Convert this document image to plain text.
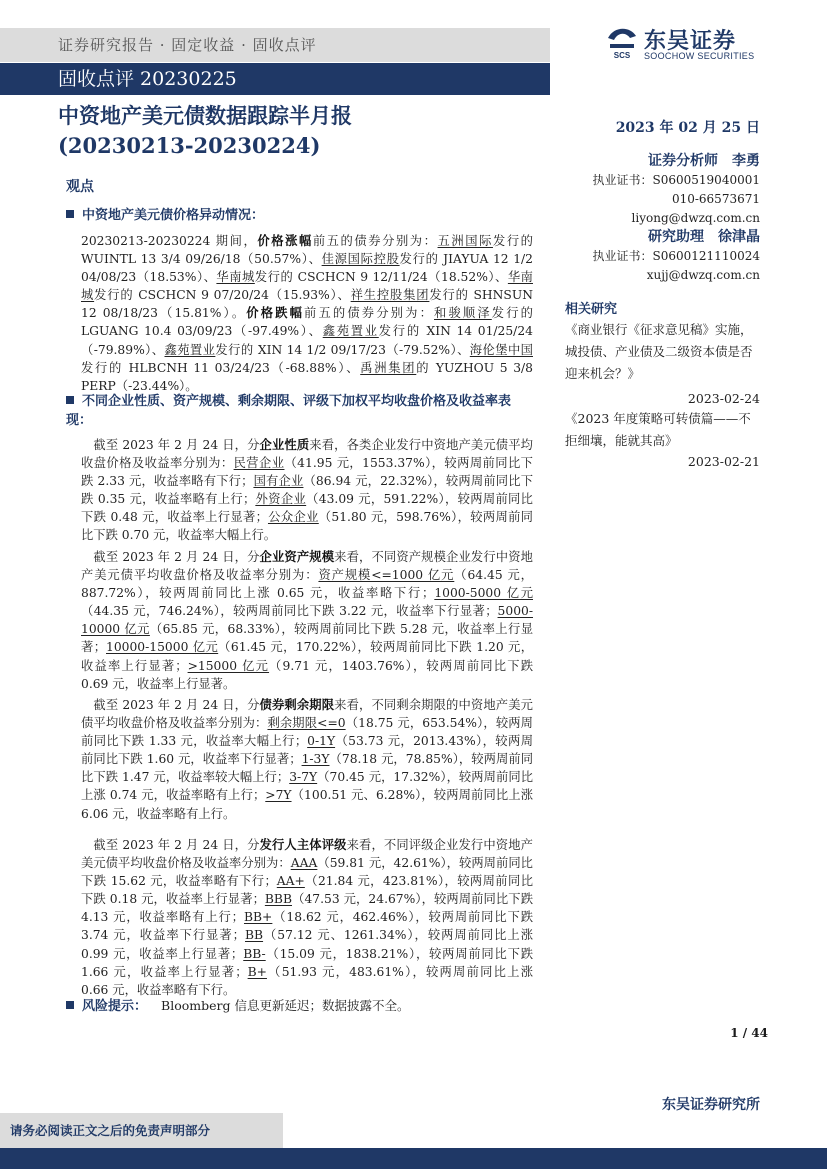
证券研究报告 · 固定收益 · 固收点评
固收点评 20230225
SCS
东吴证券
SOOCHOW SECURITIES
中资地产美元债数据跟踪半月报
(20230213-20230224)
2023 年 02 月 25 日
观点
中资地产美元债价格异动情况：
20230213-20230224 期间，价格涨幅前五的债券分别为：五洲国际发行的 WUINTL 13 3/4 09/26/18（50.57%）、佳源国际控股发行的 JIAYUA 12 1/2 04/08/23（18.53%）、华南城发行的 CSCHCN 9 12/11/24（18.52%）、华南城发行的 CSCHCN 9 07/20/24（15.93%）、祥生控股集团发行的 SHNSUN 12 08/18/23（15.81%）。价格跌幅前五的债券分别为：和骏顺泽发行的 LGUANG 10.4 03/09/23（-97.49%）、鑫苑置业发行的 XIN 14 01/25/24（-79.89%）、鑫苑置业发行的 XIN 14 1/2 09/17/23（-79.52%）、海伦堡中国发行的 HLBCNH 11 03/24/23（-68.88%）、禹洲集团的 YUZHOU 5 3/8 PERP（-23.44%）。
不同企业性质、资产规模、剩余期限、评级下加权平均收盘价格及收益率表现：
　截至 2023 年 2 月 24 日，分企业性质来看，各类企业发行中资地产美元债平均收盘价格及收益率分别为：民营企业（41.95 元，1553.37%），较两周前同比下跌 2.33 元，收益率略有下行；国有企业（86.94 元，22.32%），较两周前同比下跌 0.35 元，收益率略有上行；外资企业（43.09 元，591.22%），较两周前同比下跌 0.48 元，收益率上行显著；公众企业（51.80 元，598.76%），较两周前同比下跌 0.70 元，收益率大幅上行。
　截至 2023 年 2 月 24 日，分企业资产规模来看，不同资产规模企业发行中资地产美元债平均收盘价格及收益率分别为：资产规模<=1000 亿元（64.45 元，887.72%），较两周前同比上涨 0.65 元，收益率略下行；1000-5000 亿元（44.35 元，746.24%），较两周前同比下跌 3.22 元，收益率下行显著；5000-10000 亿元（65.85 元，68.33%），较两周前同比下跌 5.28 元，收益率上行显著；10000-15000 亿元（61.45 元，170.22%），较两周前同比下跌 1.20 元，收益率上行显著；>15000 亿元（9.71 元，1403.76%），较两周前同比下跌 0.69 元，收益率上行显著。
　截至 2023 年 2 月 24 日，分债券剩余期限来看，不同剩余期限的中资地产美元债平均收盘价格及收益率分别为：剩余期限<=0（18.75 元，653.54%），较两周前同比下跌 1.33 元，收益率大幅上行；0-1Y（53.73 元，2013.43%），较两周前同比下跌 1.60 元，收益率下行显著；1-3Y（78.18 元，78.85%），较两周前同比下跌 1.47 元，收益率较大幅上行；3-7Y（70.45 元，17.32%），较两周前同比上涨 0.74 元，收益率略有上行；>7Y（100.51 元、6.28%），较两周前同比上涨 6.06 元，收益率略有上行。
　截至 2023 年 2 月 24 日，分发行人主体评级来看，不同评级企业发行中资地产美元债平均收盘价格及收益率分别为：AAA（59.81 元，42.61%），较两周前同比下跌 15.62 元，收益率略有下行；AA+（21.84 元，423.81%），较两周前同比下跌 0.18 元，收益率上行显著；BBB（47.53 元，24.67%），较两周前同比下跌 4.13 元，收益率略有上行；BB+（18.62 元，462.46%），较两周前同比下跌 3.74 元，收益率下行显著；BB（57.12 元、1261.34%），较两周前同比上涨 0.99 元，收益率上行显著；BB-（15.09 元，1838.21%），较两周前同比下跌 1.66 元，收益率上行显著；B+（51.93 元，483.61%），较两周前同比上涨 0.66 元，收益率略有下行。
风险提示： Bloomberg 信息更新延迟；数据披露不全。
证券分析师　李勇
执业证书：S0600519040001
010-66573671
liyong@dwzq.com.cn
研究助理　徐津晶
执业证书：S0600121110024
xujj@dwzq.com.cn
相关研究
《商业银行《征求意见稿》实施，城投债、产业债及二级资本债是否迎来机会？》
2023-02-24
《2023 年度策略可转债篇——不拒细壤，能就其高》
2023-02-21
1 / 44
东吴证券研究所
请务必阅读正文之后的免责声明部分
